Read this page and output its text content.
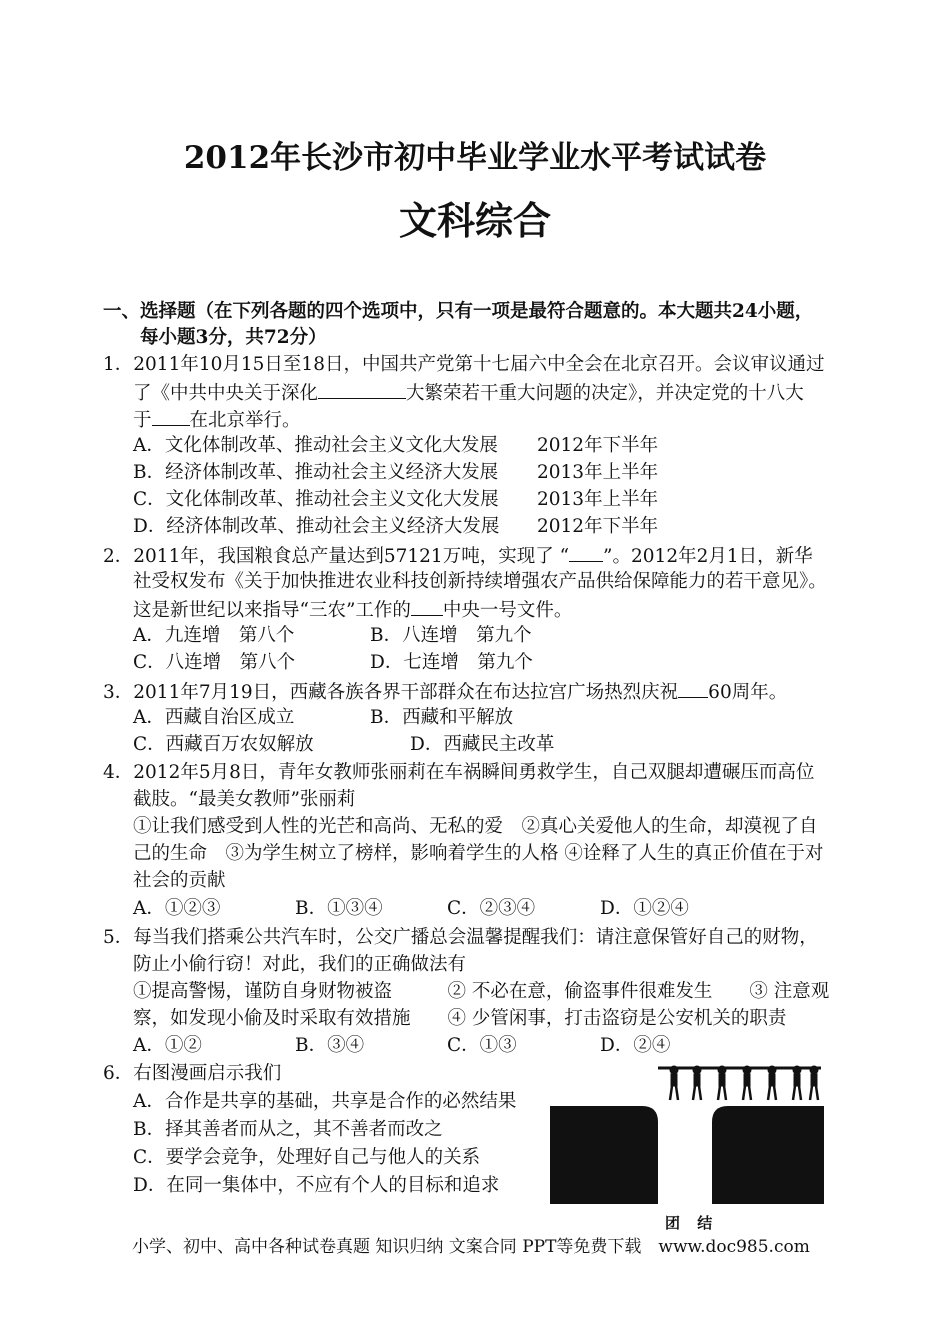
2012年长沙市初中毕业学业水平考试试卷
文科综合
一、选择题（在下列各题的四个选项中，只有一项是最符合题意的。本大题共24小题，
每小题3分，共72分）
1．2011年10月15日至18日，中国共产党第十七届六中全会在北京召开。会议审议通过
了《中共中央关于深化	大繁荣若干重大问题的决定》，并决定党的十八大
于 在北京举行。
A．文化体制改革、推动社会主义文化大发展 2012年下半年
B．经济体制改革、推动社会主义经济大发展 2013年上半年
C．文化体制改革、推动社会主义文化大发展 2013年上半年
D．经济体制改革、推动社会主义经济大发展 2012年下半年
2．2011年，我国粮食总产量达到57121万吨，实现了 “ ”。2012年2月1日，新华
社受权发布《关于加快推进农业科技创新持续增强农产品供给保障能力的若干意见》。
这是新世纪以来指导“三农”工作的 中央一号文件。
A．九连增　第八个	B．八连增　第九个
C．八连增　第八个	D．七连增　第九个
3．2011年7月19日，西藏各族各界干部群众在布达拉宫广场热烈庆祝 60周年。
A．西藏自治区成立	B．西藏和平解放
C．西藏百万农奴解放	D．西藏民主改革
4．2012年5月8日，青年女教师张丽莉在车祸瞬间勇救学生，自己双腿却遭碾压而高位
截肢。“最美女教师”张丽莉
①让我们感受到人性的光芒和高尚、无私的爱　②真心关爱他人的生命，却漠视了自
己的生命　③为学生树立了榜样，影响着学生的人格 ④诠释了人生的真正价值在于对
社会的贡献
A．①②③	B．①③④	C．②③④	D．①②④
5．每当我们搭乘公共汽车时，公交广播总会温馨提醒我们：请注意保管好自己的财物，
防止小偷行窃！对此，我们的正确做法有
①提高警惕，谨防自身财物被盗　　　② 不必在意，偷盗事件很难发生　　③ 注意观
察，如发现小偷及时采取有效措施　　④ 少管闲事，打击盗窃是公安机关的职责
A．①②	B．③④	C．①③	D．②④
6．右图漫画启示我们
A．合作是共享的基础，共享是合作的必然结果
B．择其善者而从之，其不善者而改之
C．要学会竞争，处理好自己与他人的关系
D．在同一集体中，不应有个人的目标和追求
团 结
小学、初中、高中各种试卷真题 知识归纳 文案合同 PPT等免费下载　www.doc985.com
